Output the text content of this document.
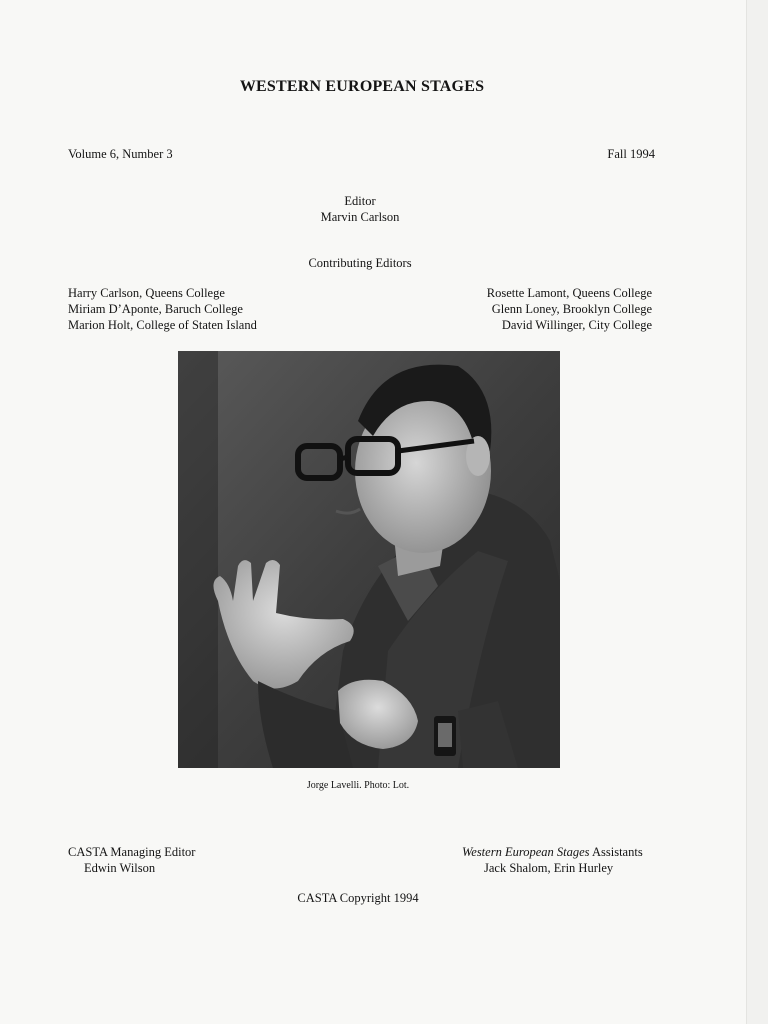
WESTERN EUROPEAN STAGES
Volume 6, Number 3	Fall 1994
Editor
Marvin Carlson
Contributing Editors
Harry Carlson, Queens College
Miriam D’Aponte, Baruch College
Marion Holt, College of Staten Island
Rosette Lamont, Queens College
Glenn Loney, Brooklyn College
David Willinger, City College
Jorge Lavelli. Photo: Lot.
CASTA Managing Editor
Edwin Wilson
Western European Stages Assistants
Jack Shalom, Erin Hurley
CASTA Copyright 1994
